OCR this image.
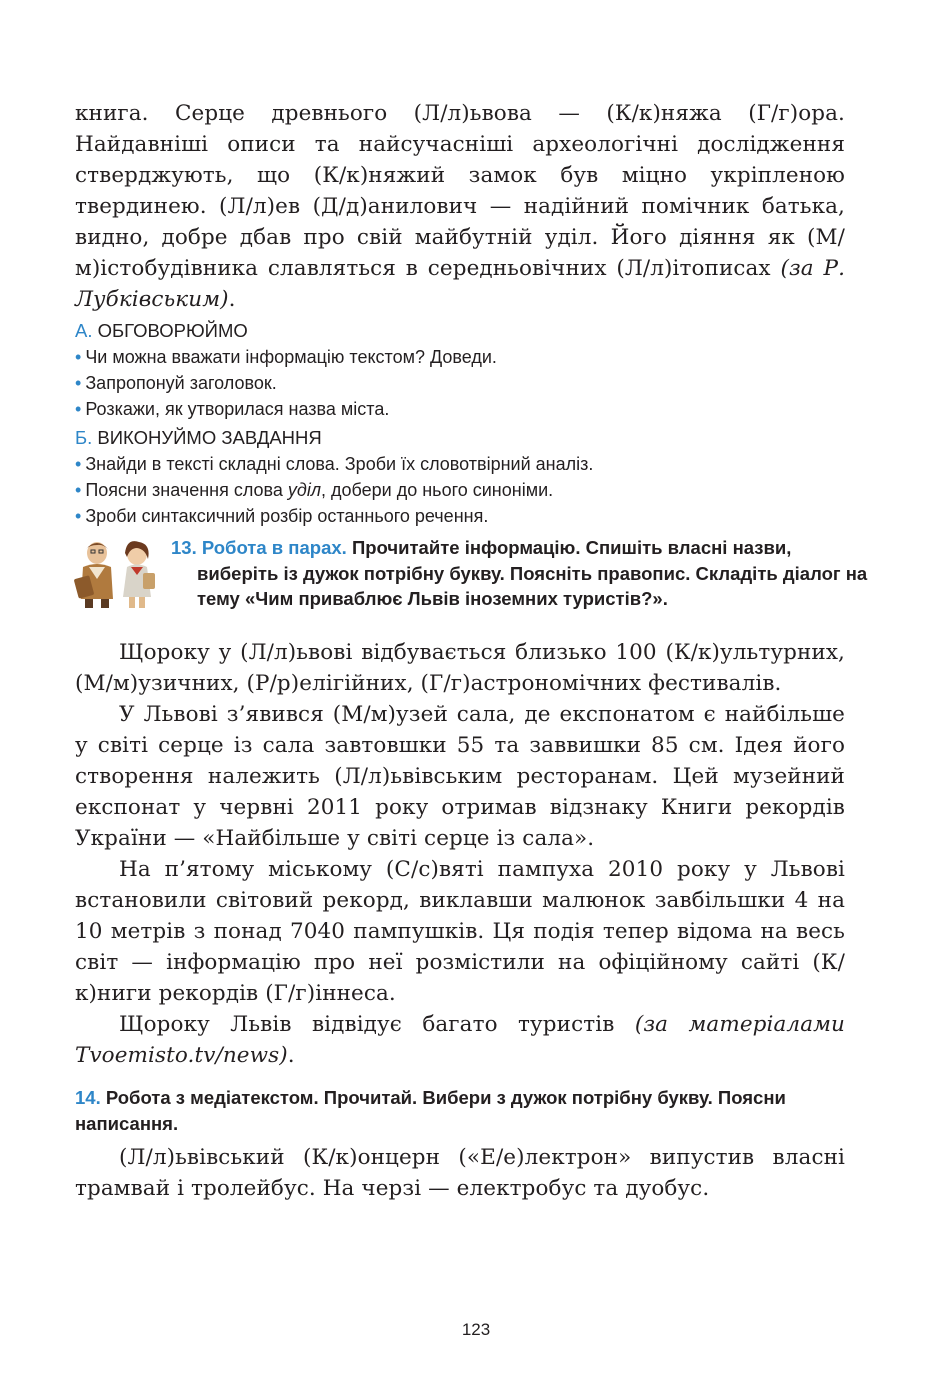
книга. Серце древнього (Л/л)ьвова — (К/к)няжа (Г/г)ора. Найдавніші описи та найсучасніші археологічні дослідження стверджують, що (К/к)няжий замок був міцно укріпленою твердинею. (Л/л)ев (Д/д)анилович — надійний помічник батька, видно, добре дбав про свій майбутній уділ. Його діяння як (М/м)істобудівника славляться в середньовічних (Л/л)ітописах (за Р. Лубківським).

А. ОБГОВОРЮЙМО
• Чи можна вважати інформацію текстом? Доведи.
• Запропонуй заголовок.
• Розкажи, як утворилася назва міста.
Б. ВИКОНУЙМО ЗАВДАННЯ
• Знайди в тексті складні слова. Зроби їх словотвірний аналіз.
• Поясни значення слова уділ, добери до нього синоніми.
• Зроби синтаксичний розбір останнього речення.
13. Робота в парах. Прочитайте інформацію. Спишіть власні назви, виберіть із дужок потрібну букву. Поясніть правопис. Складіть діалог на тему «Чим приваблює Львів іноземних туристів?».

Щороку у (Л/л)ьвові відбувається близько 100 (К/к)ультурних, (М/м)узичних, (Р/р)елігійних, (Г/г)астрономічних фестивалів.

У Львові з’явився (М/м)узей сала, де експонатом є найбільше у світі серце із сала завтовшки 55 та заввишки 85 см. Ідея його створення належить (Л/л)ьвівським ресторанам. Цей музейний експонат у червні 2011 року отримав відзнаку Книги рекордів України — «Найбільше у світі серце із сала».

На п’ятому міському (С/с)вяті пампуха 2010 року у Львові встановили світовий рекорд, виклавши малюнок завбільшки 4 на 10 метрів з понад 7040 пампушків. Ця подія тепер відома на весь світ — інформацію про неї розмістили на офіційному сайті (К/к)ниги рекордів (Г/г)іннеса.

Щороку Львів відвідує багато туристів (за матеріалами Tvoemisto.tv/news).

14. Робота з медіатекстом. Прочитай. Вибери з дужок потрібну букву. Поясни написання.

(Л/л)ьвівський (К/к)онцерн («Е/е)лектрон» випустив власні трамвай і тролейбус. На черзі — електробус та дуобус.

123
